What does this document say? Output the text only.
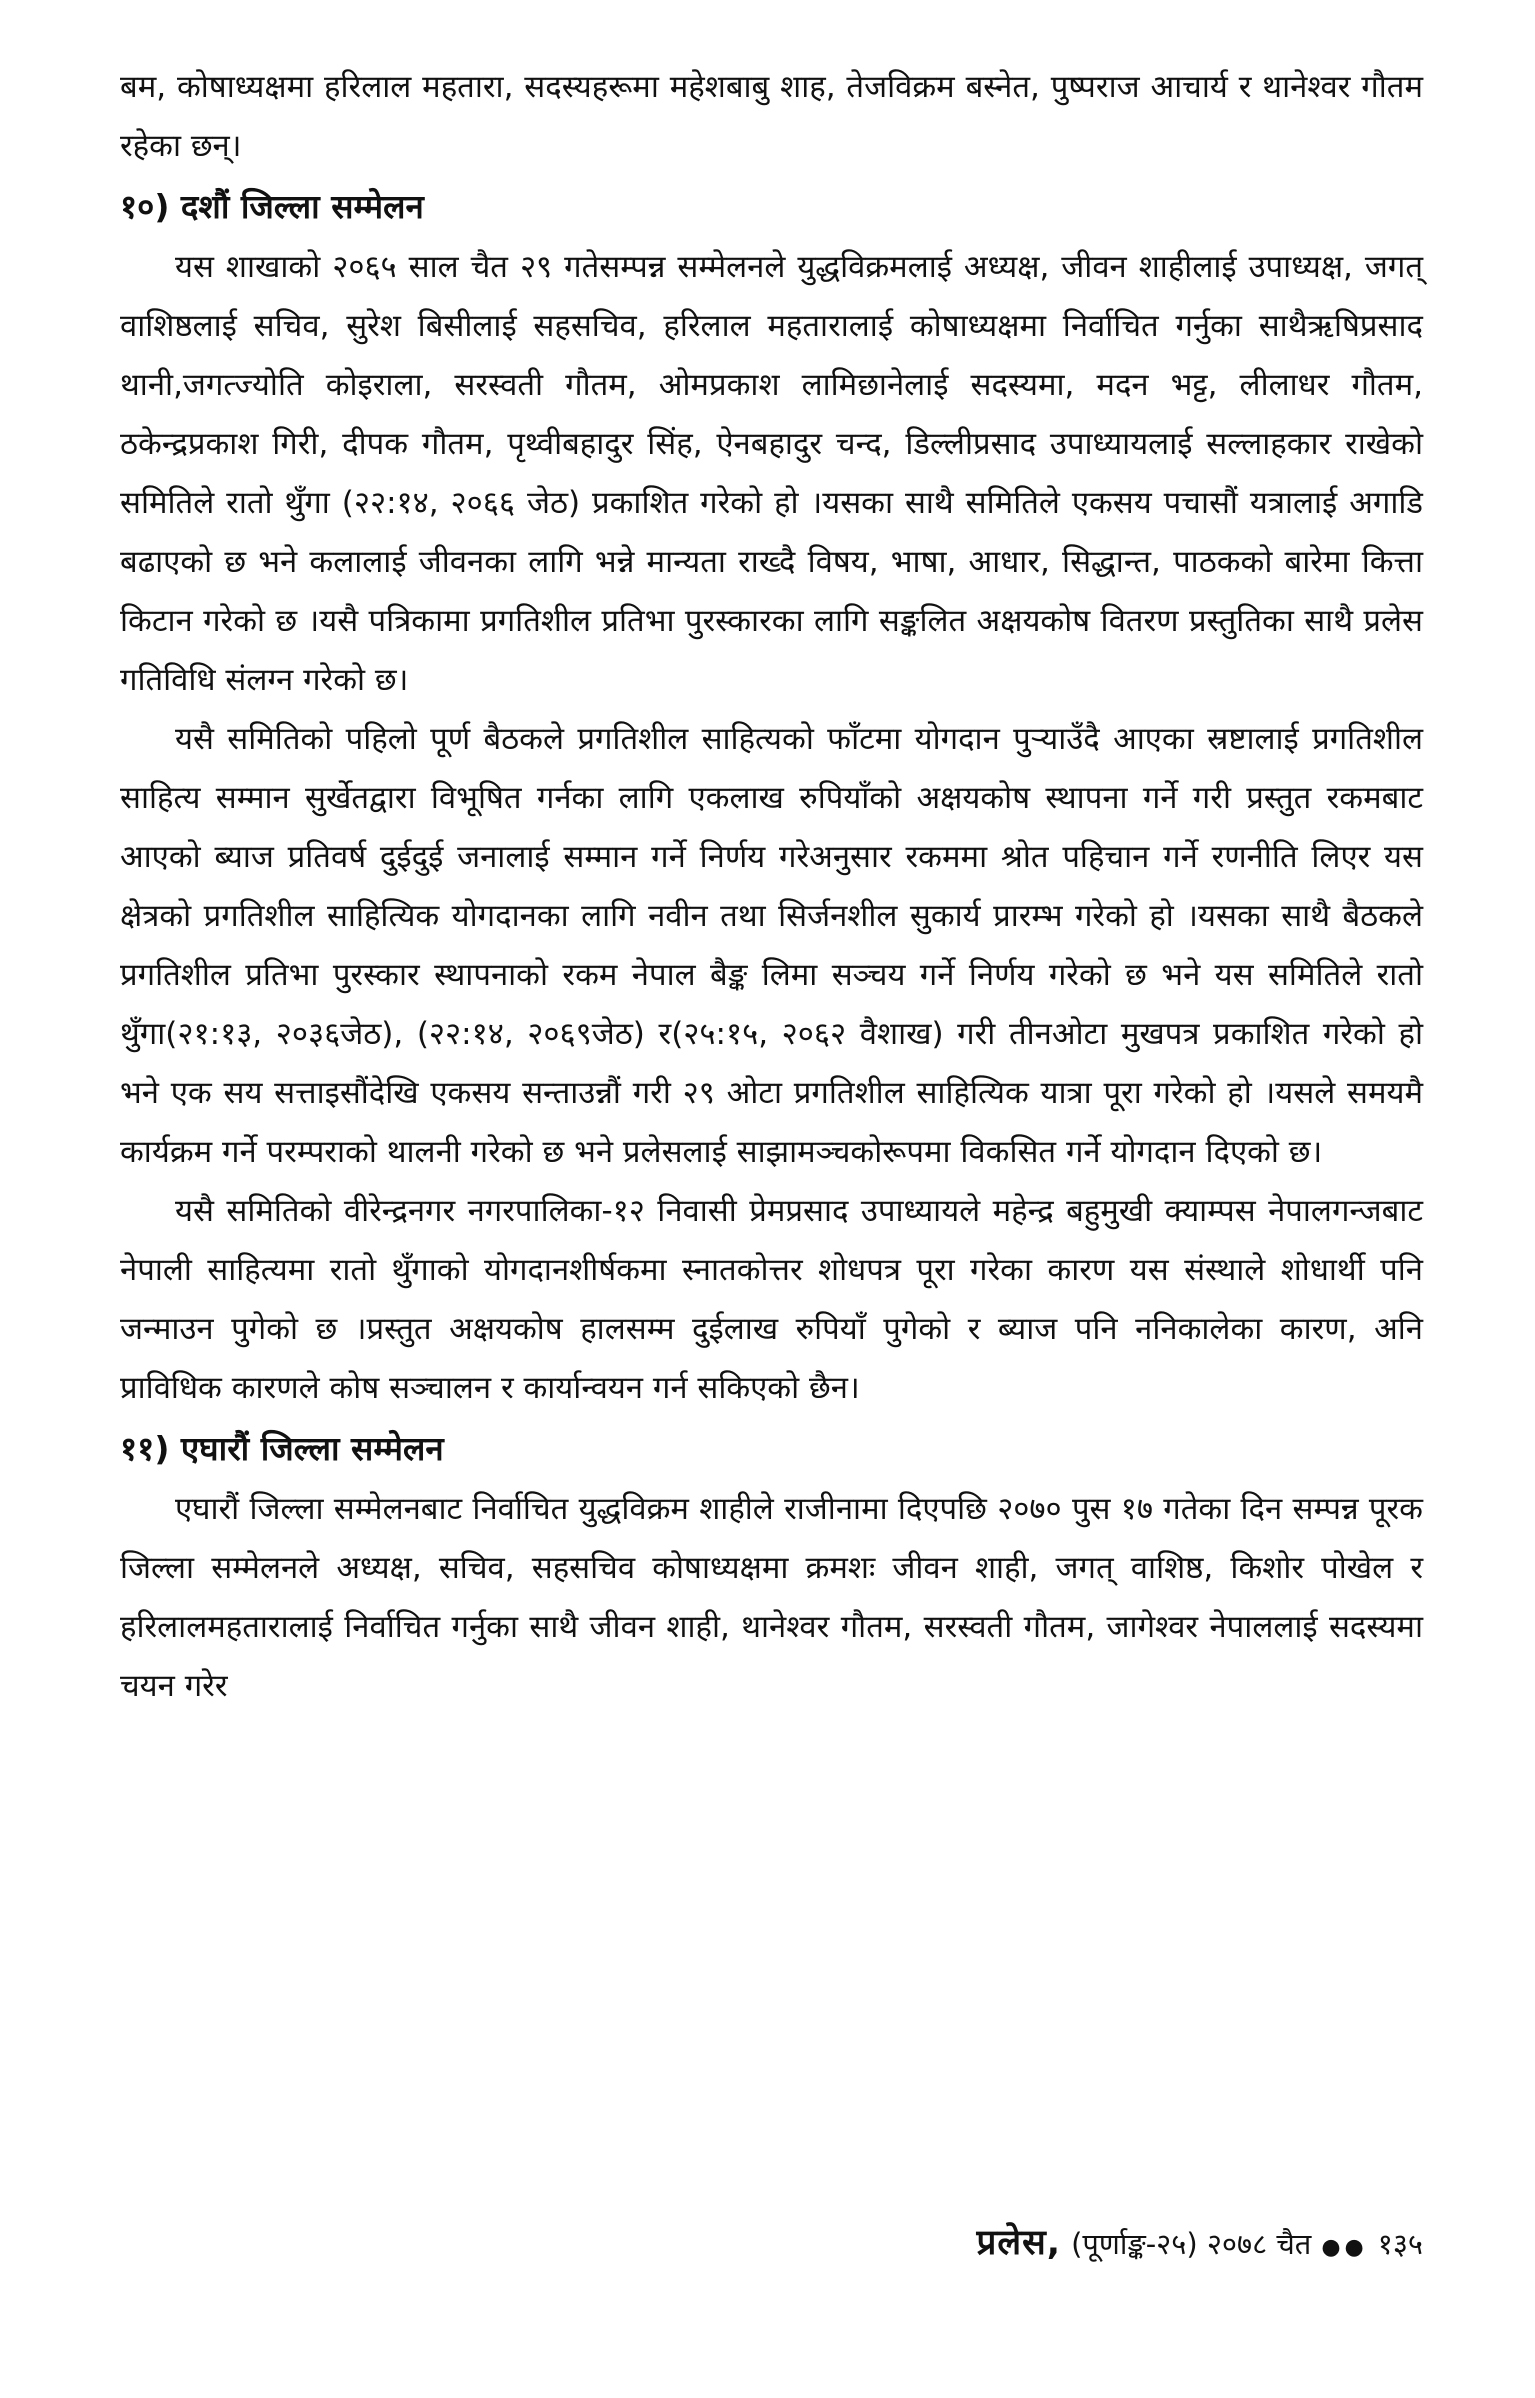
बम, कोषाध्यक्षमा हरिलाल महतारा, सदस्यहरूमा महेशबाबु शाह, तेजविक्रम बस्नेत, पुष्पराज आचार्य र थानेश्वर गौतम रहेका छन्।

१०) दशौं जिल्ला सम्मेलन

यस शाखाको २०६५ साल चैत २९ गतेसम्पन्न सम्मेलनले युद्धविक्रमलाई अध्यक्ष, जीवन शाहीलाई उपाध्यक्ष, जगत् वाशिष्ठलाई सचिव, सुरेश बिसीलाई सहसचिव, हरिलाल महतारालाई कोषाध्यक्षमा निर्वाचित गर्नुका साथैऋषिप्रसाद थानी,जगत्ज्योति कोइराला, सरस्वती गौतम, ओमप्रकाश लामिछानेलाई सदस्यमा, मदन भट्ट, लीलाधर गौतम, ठकेन्द्रप्रकाश गिरी, दीपक गौतम, पृथ्वीबहादुर सिंह, ऐनबहादुर चन्द, डिल्लीप्रसाद उपाध्यायलाई सल्लाहकार राखेको समितिले रातो थुँगा (२२:१४, २०६६ जेठ) प्रकाशित गरेको हो ।यसका साथै समितिले एकसय पचासौं यत्रालाई अगाडि बढाएको छ भने कलालाई जीवनका लागि भन्ने मान्यता राख्दै विषय, भाषा, आधार, सिद्धान्त, पाठकको बारेमा कित्ता किटान गरेको छ ।यसै पत्रिकामा प्रगतिशील प्रतिभा पुरस्कारका लागि सङ्कलित अक्षयकोष वितरण प्रस्तुतिका साथै प्रलेस गतिविधि संलग्न गरेको छ।

यसै समितिको पहिलो पूर्ण बैठकले प्रगतिशील साहित्यको फाँटमा योगदान पुर्‍याउँदै आएका स्रष्टालाई प्रगतिशील साहित्य सम्मान सुर्खेतद्वारा विभूषित गर्नका लागि एकलाख रुपियाँको अक्षयकोष स्थापना गर्ने गरी प्रस्तुत रकमबाट आएको ब्याज प्रतिवर्ष दुईदुई जनालाई सम्मान गर्ने निर्णय गरेअनुसार रकममा श्रोत पहिचान गर्ने रणनीति लिएर यस क्षेत्रको प्रगतिशील साहित्यिक योगदानका लागि नवीन तथा सिर्जनशील सुकार्य प्रारम्भ गरेको हो ।यसका साथै बैठकले प्रगतिशील प्रतिभा पुरस्कार स्थापनाको रकम नेपाल बैङ्क लिमा सञ्चय गर्ने निर्णय गरेको छ भने यस समितिले रातो थुँगा(२१:१३, २०३६जेठ), (२२:१४, २०६९जेठ) र(२५:१५, २०६२ वैशाख) गरी तीनओटा मुखपत्र प्रकाशित गरेको हो भने एक सय सत्ताइसौंदेखि एकसय सन्ताउन्नौं गरी २९ ओटा प्रगतिशील साहित्यिक यात्रा पूरा गरेको हो ।यसले समयमै कार्यक्रम गर्ने परम्पराको थालनी गरेको छ भने प्रलेसलाई साझामञ्चकोरूपमा विकसित गर्ने योगदान दिएको छ।

यसै समितिको वीरेन्द्रनगर नगरपालिका-१२ निवासी प्रेमप्रसाद उपाध्यायले महेन्द्र बहुमुखी क्याम्पस नेपालगन्जबाट नेपाली साहित्यमा रातो थुँगाको योगदानशीर्षकमा स्नातकोत्तर शोधपत्र पूरा गरेका कारण यस संस्थाले शोधार्थी पनि जन्माउन पुगेको छ ।प्रस्तुत अक्षयकोष हालसम्म दुईलाख रुपियाँ पुगेको र ब्याज पनि ननिकालेका कारण, अनि प्राविधिक कारणले कोष सञ्चालन र कार्यान्वयन गर्न सकिएको छैन।

११) एघारौं जिल्ला सम्मेलन

एघारौं जिल्ला सम्मेलनबाट निर्वाचित युद्धविक्रम शाहीले राजीनामा दिएपछि २०७० पुस १७ गतेका दिन सम्पन्न पूरक जिल्ला सम्मेलनले अध्यक्ष, सचिव, सहसचिव कोषाध्यक्षमा क्रमशः जीवन शाही, जगत् वाशिष्ठ, किशोर पोखेल र हरिलालमहतारालाई निर्वाचित गर्नुका साथै जीवन शाही, थानेश्वर गौतम, सरस्वती गौतम, जागेश्वर नेपाललाई सदस्यमा चयन गरेर

प्रलेस, (पूर्णाङ्क-२५) २०७८ चैत ●● १३५
